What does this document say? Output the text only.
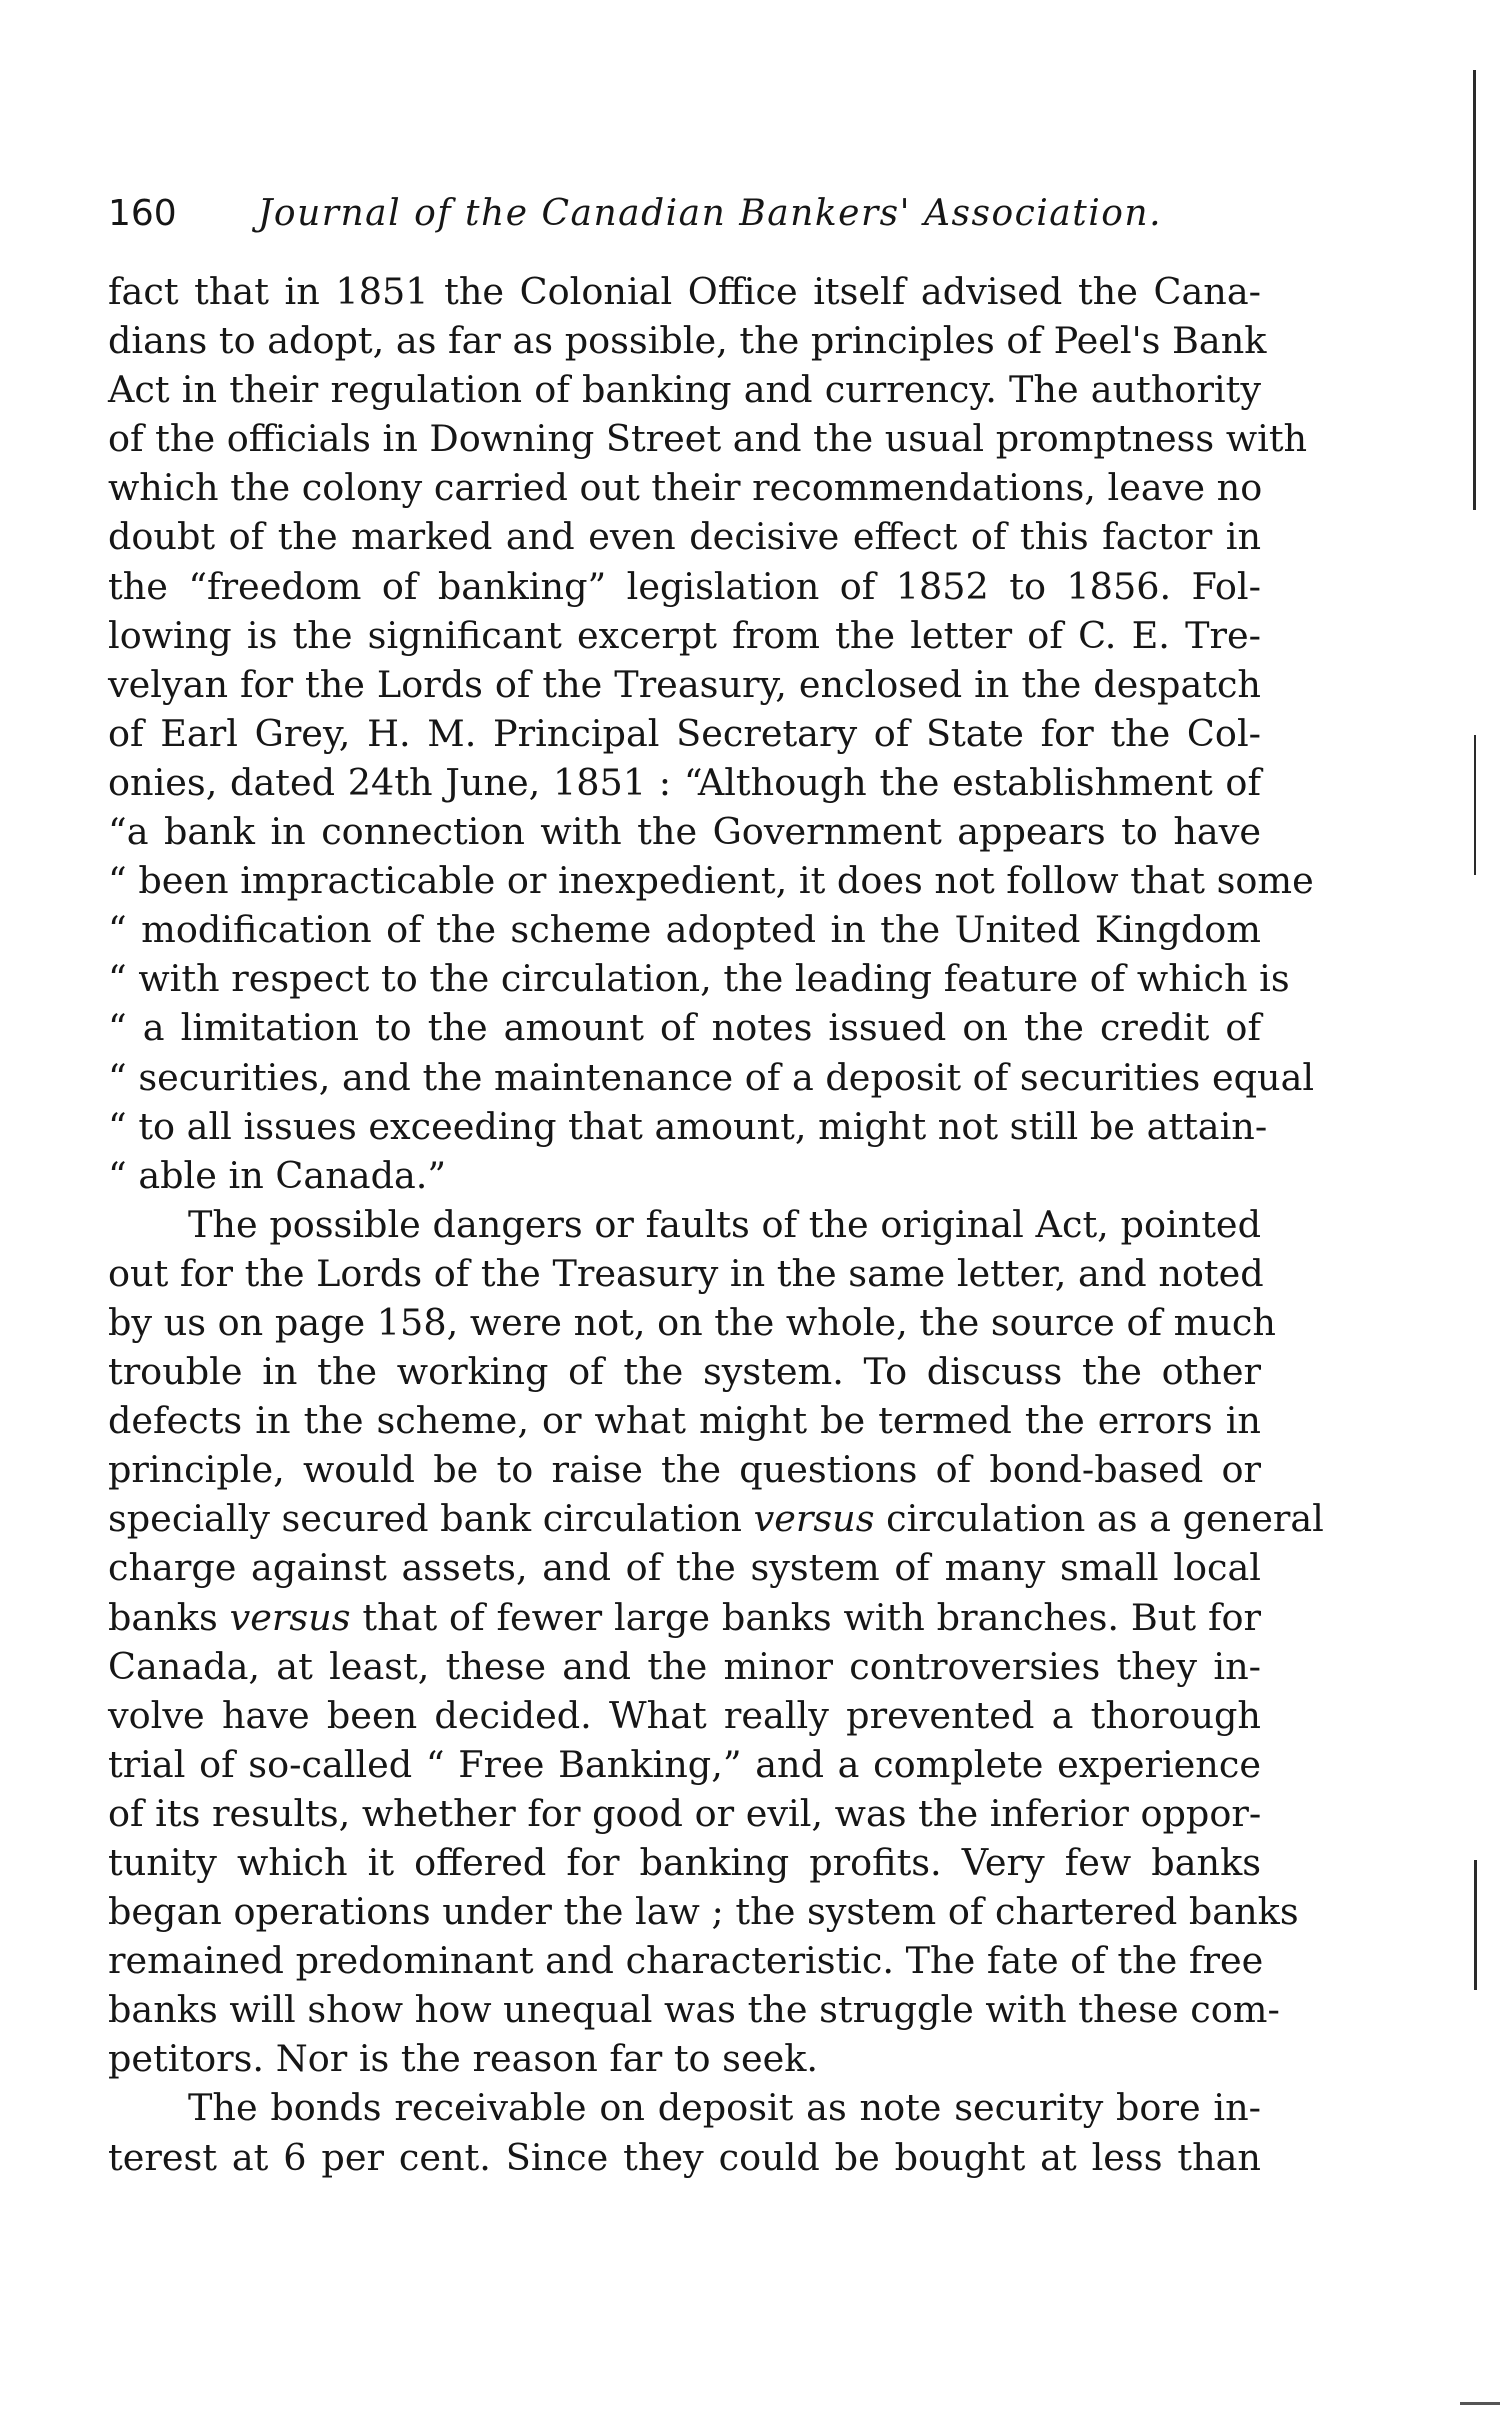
160 Journal of the Canadian Bankers' Association.
fact that in 1851 the Colonial Office itself advised the Cana-
dians to adopt, as far as possible, the principles of Peel's Bank
Act in their regulation of banking and currency. The authority
of the officials in Downing Street and the usual promptness with
which the colony carried out their recommendations, leave no
doubt of the marked and even decisive effect of this factor in
the “freedom of banking” legislation of 1852 to 1856. Fol-
lowing is the significant excerpt from the letter of C. E. Tre-
velyan for the Lords of the Treasury, enclosed in the despatch
of Earl Grey, H. M. Principal Secretary of State for the Col-
onies, dated 24th June, 1851 : “Although the establishment of
“a bank in connection with the Government appears to have
“ been impracticable or inexpedient, it does not follow that some
“ modification of the scheme adopted in the United Kingdom
“ with respect to the circulation, the leading feature of which is
“ a limitation to the amount of notes issued on the credit of
“ securities, and the maintenance of a deposit of securities equal
“ to all issues exceeding that amount, might not still be attain-
“ able in Canada.”
The possible dangers or faults of the original Act, pointed
out for the Lords of the Treasury in the same letter, and noted
by us on page 158, were not, on the whole, the source of much
trouble in the working of the system. To discuss the other
defects in the scheme, or what might be termed the errors in
principle, would be to raise the questions of bond-based or
specially secured bank circulation versus circulation as a general
charge against assets, and of the system of many small local
banks versus that of fewer large banks with branches. But for
Canada, at least, these and the minor controversies they in-
volve have been decided. What really prevented a thorough
trial of so-called “ Free Banking,” and a complete experience
of its results, whether for good or evil, was the inferior oppor-
tunity which it offered for banking profits. Very few banks
began operations under the law ; the system of chartered banks
remained predominant and characteristic. The fate of the free
banks will show how unequal was the struggle with these com-
petitors. Nor is the reason far to seek.
The bonds receivable on deposit as note security bore in-
terest at 6 per cent. Since they could be bought at less than
